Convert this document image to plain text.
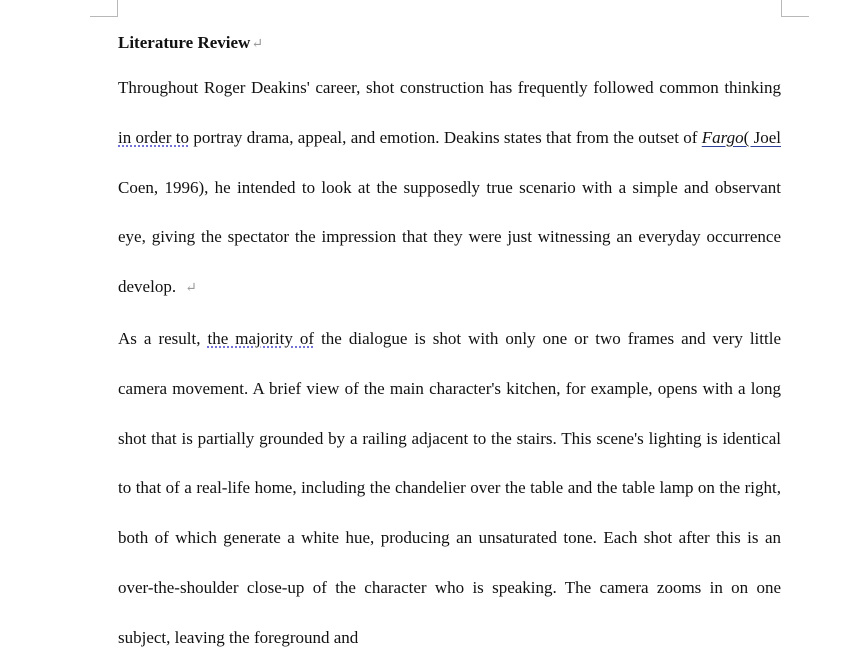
Literature Review↵

Throughout Roger Deakins' career, shot construction has frequently followed common thinking in order to portray drama, appeal, and emotion. Deakins states that from the outset of Fargo( Joel Coen, 1996), he intended to look at the supposedly true scenario with a simple and observant eye, giving the spectator the impression that they were just witnessing an everyday occurrence develop. ↵

As a result, the majority of the dialogue is shot with only one or two frames and very little camera movement. A brief view of the main character's kitchen, for example, opens with a long shot that is partially grounded by a railing adjacent to the stairs. This scene's lighting is identical to that of a real-life home, including the chandelier over the table and the table lamp on the right, both of which generate a white hue, producing an unsaturated tone. Each shot after this is an over-the-shoulder close-up of the character who is speaking. The camera zooms in on one subject, leaving the foreground and
